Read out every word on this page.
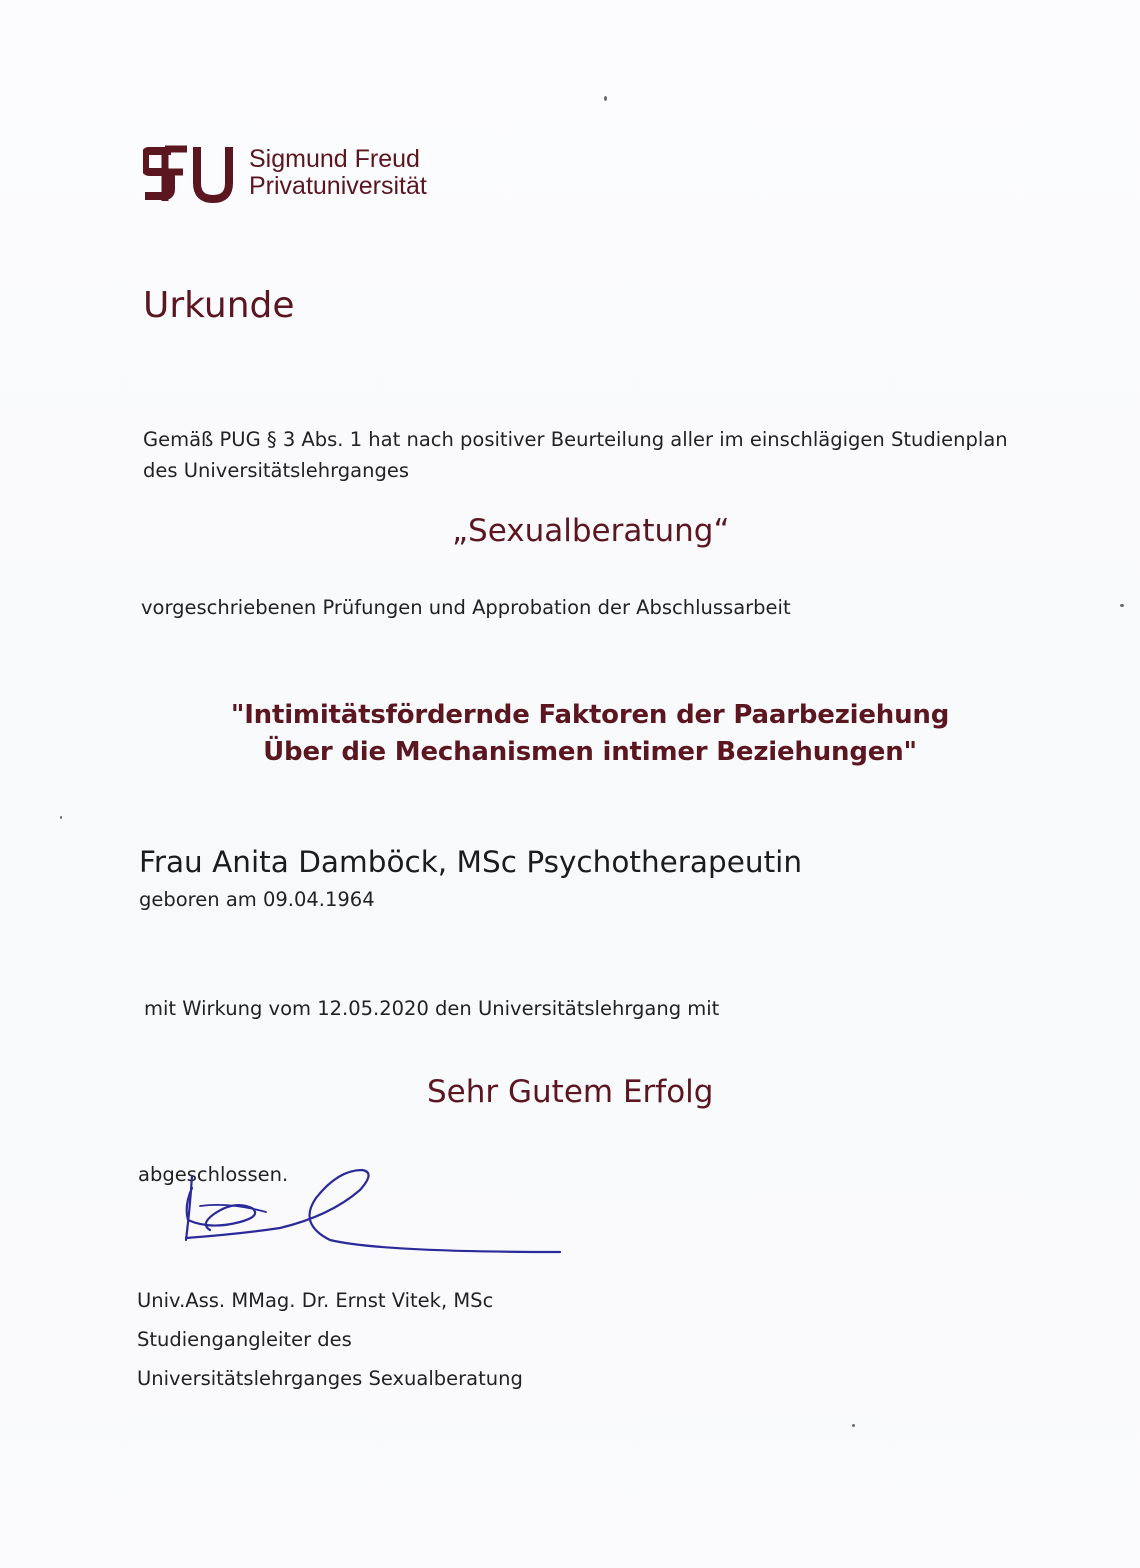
Sigmund Freud
Privatuniversität
Urkunde
Gemäß PUG § 3 Abs. 1 hat nach positiver Beurteilung aller im einschlägigen Studienplan
des Universitätslehrganges
„Sexualberatung“
vorgeschriebenen Prüfungen und Approbation der Abschlussarbeit
"Intimitätsfördernde Faktoren der Paarbeziehung
Über die Mechanismen intimer Beziehungen"
Frau Anita Damböck, MSc Psychotherapeutin
geboren am 09.04.1964
mit Wirkung vom 12.05.2020 den Universitätslehrgang mit
Sehr Gutem Erfolg
abgeschlossen.
Univ.Ass. MMag. Dr. Ernst Vitek, MSc
Studiengangleiter des
Universitätslehrganges Sexualberatung
